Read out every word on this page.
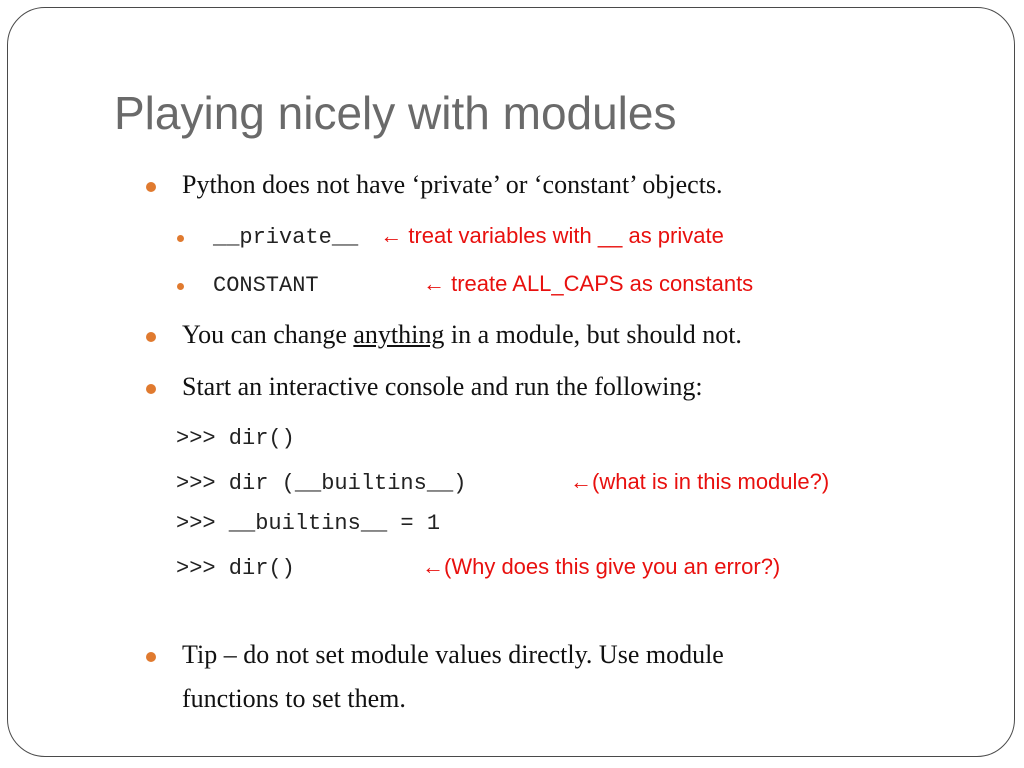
Playing nicely with modules
Python does not have ‘private’ or ‘constant’ objects.
__private__ ← treat variables with __ as private
CONSTANT	← treate ALL_CAPS as constants
You can change anything in a module, but should not.
Start an interactive console and run the following:
>>> dir()
>>> dir (__builtins__)	←(what is in this module?)
>>> __builtins__ = 1
>>> dir()	←(Why does this give you an error?)
Tip – do not set module values directly. Use module
functions to set them.
